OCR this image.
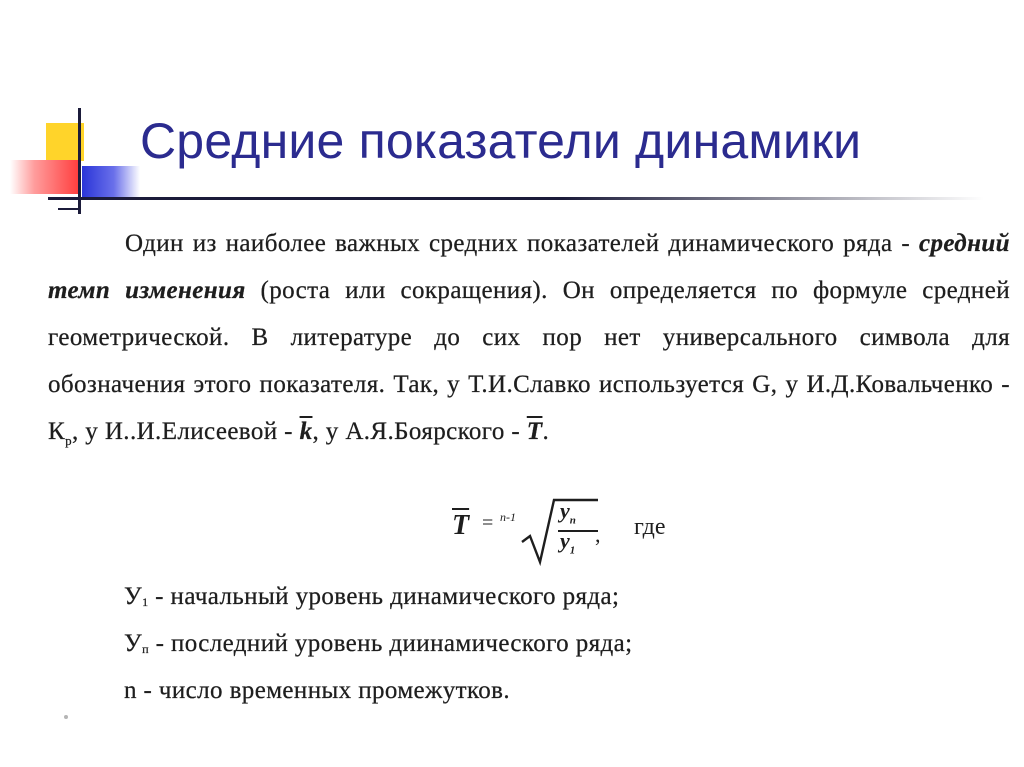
Средние показатели динамики

Один из наиболее важных средних показателей динамического ряда - средний темп изменения (роста или сокращения). Он определяется по формуле средней геометрической. В литературе до сих пор нет универсального символа для обозначения этого показателя. Так, у Т.И.Славко используется G, у И.Д.Ковальченко - $К_р$, у И..И.Елисеевой - $\overline{k}$, у А.Я.Боярского - $\overline{T}$.

$\overline{T} = n-1$ $y_n$
$y_1$
, где
У1 - начальный уровень динамического ряда;
Уп - последний уровень диинамического ряда;
n - число временных промежутков.
